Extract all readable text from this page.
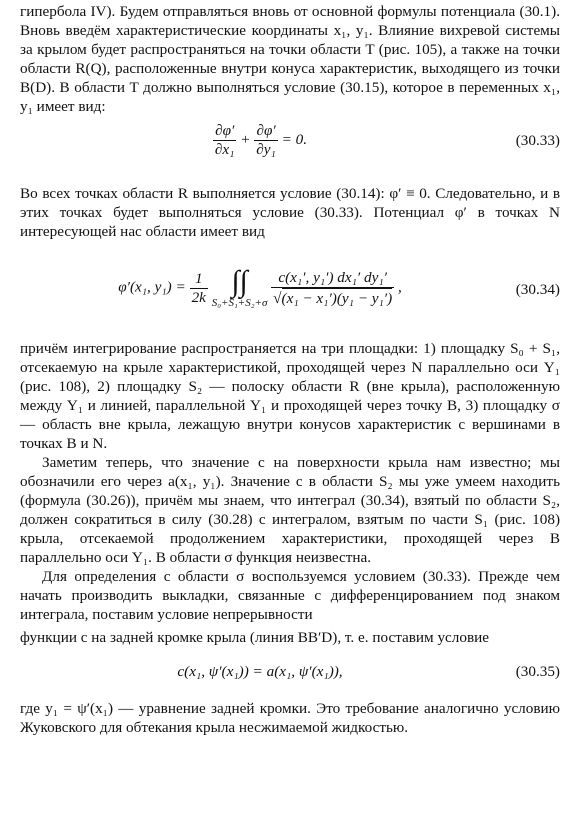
гипербола IV). Будем отправляться вновь от основной формулы потенциала (30.1). Вновь введём характеристические координаты x₁, y₁. Влияние вихревой системы за крылом будет распространяться на точки области T (рис. 105), а также на точки области R(Q), расположенные внутри конуса характеристик, выходящего из точки B(D). В области T должно выполняться условие (30.15), которое в переменных x₁, y₁ имеет вид:

$\frac{\partial\varphi'}{\text{∂x₁}} + \frac{\partial\varphi'}{\text{∂y₁}} = 0$.	(30.33)

Во всех точках области R выполняется условие (30.14): φ′ ≡ 0. Следовательно, и в этих точках будет выполняться условие (30.33). Потенциал φ′ в точках N интересующей нас области имеет вид

φ′(x₁, $y_1) = \frac{1}{2k}$
∫∫
S₀+S₁+S₂+σ
$\frac{\text{c(x₁′, y₁′) dx₁′ dy₁′}}{\text{√(x₁ − x₁′)(y₁ − y₁′)}}$ ,	(30.34)

причём интегрирование распространяется на три площадки: 1) площадку S₀ + S₁, отсекаемую на крыле характеристикой, проходящей через N параллельно оси Y₁ (рис. 108), 2) площадку S₂ — полоску области R (вне крыла), расположенную между Y₁ и линией, параллельной Y₁ и проходящей через точку B, 3) площадку σ — область вне крыла, лежащую внутри конусов характеристик с вершинами в точках B и N.

Заметим теперь, что значение c на поверхности крыла нам известно; мы обозначили его через a(x₁, y₁). Значение c в области S₂ мы уже умеем находить (формула (30.26)), причём мы знаем, что интеграл (30.34), взятый по области S₂, должен сократиться в силу (30.28) с интегралом, взятым по части S₁ (рис. 108) крыла, отсекаемой продолжением характеристики, проходящей через B параллельно оси Y₁. В области σ функция неизвестна.

Для определения c области σ воспользуемся условием (30.33). Прежде чем начать производить выкладки, связанные с дифференцированием под знаком интеграла, поставим условие непрерывности

функции c на задней кромке крыла (линия BB′D), т. е. поставим условие

c(x₁, ψ′(x₁)) = a(x₁, ψ′(x₁)),	(30.35)

где y₁ = ψ′(x₁) — уравнение задней кромки. Это требование аналогично условию Жуковского для обтекания крыла несжимаемой жидкостью.
